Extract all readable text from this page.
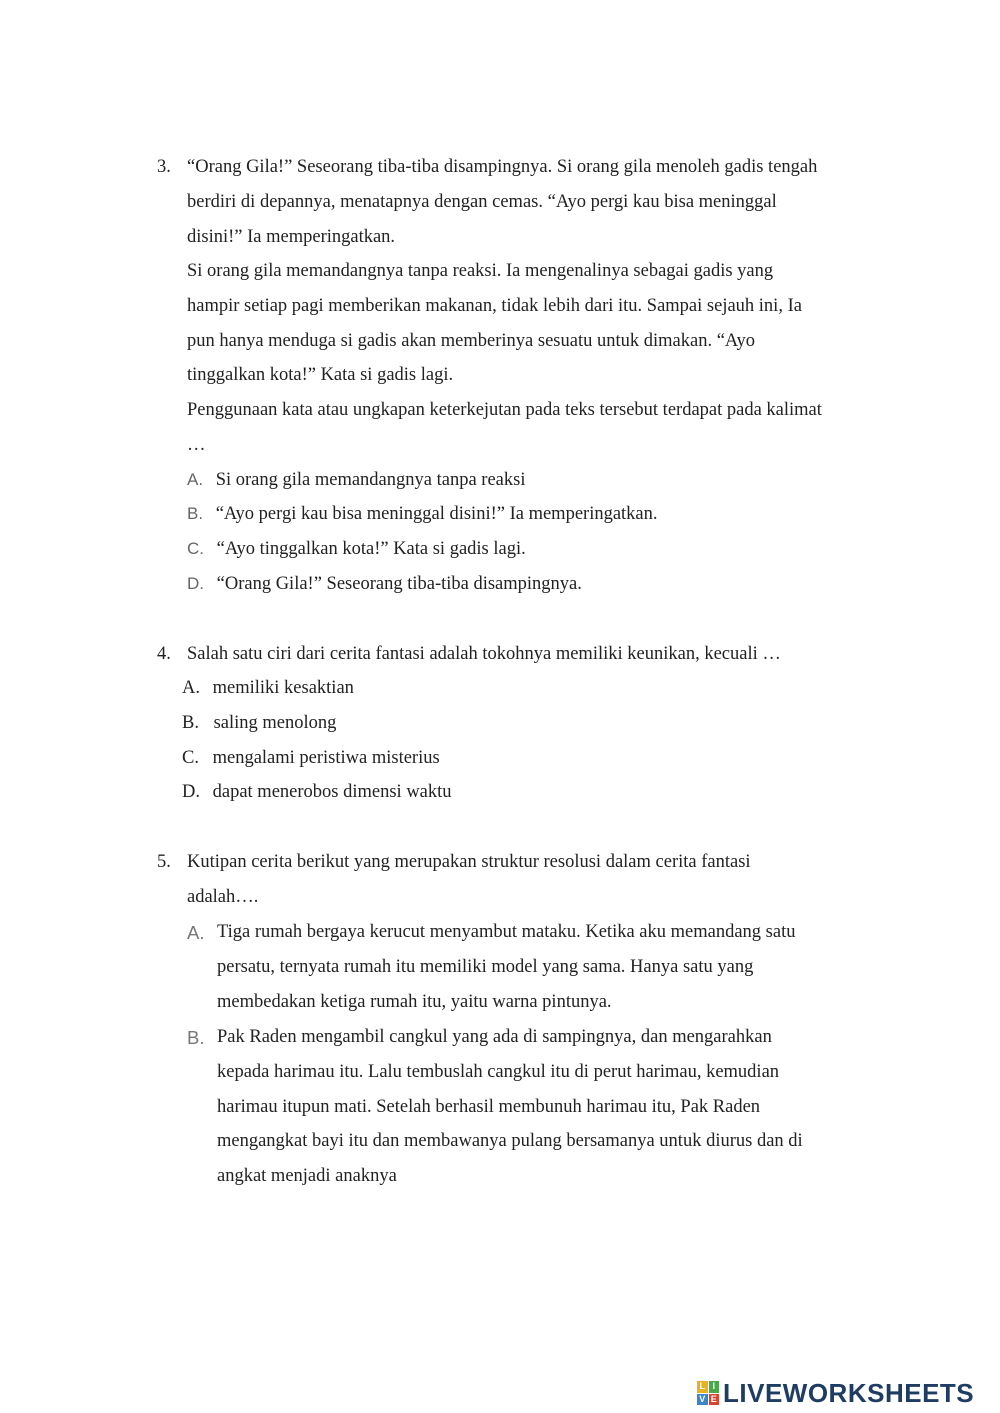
3. “Orang Gila!” Seseorang tiba-tiba disampingnya. Si orang gila menoleh gadis tengah
berdiri di depannya, menatapnya dengan cemas. “Ayo pergi kau bisa meninggal
disini!” Ia memperingatkan.
Si orang gila memandangnya tanpa reaksi. Ia mengenalinya sebagai gadis yang
hampir setiap pagi memberikan makanan, tidak lebih dari itu. Sampai sejauh ini, Ia
pun hanya menduga si gadis akan memberinya sesuatu untuk dimakan. “Ayo
tinggalkan kota!” Kata si gadis lagi.
Penggunaan kata atau ungkapan keterkejutan pada teks tersebut terdapat pada kalimat
…
A. Si orang gila memandangnya tanpa reaksi
B. “Ayo pergi kau bisa meninggal disini!” Ia memperingatkan.
C. “Ayo tinggalkan kota!” Kata si gadis lagi.
D. “Orang Gila!” Seseorang tiba-tiba disampingnya.
4. Salah satu ciri dari cerita fantasi adalah tokohnya memiliki keunikan, kecuali …
A. memiliki kesaktian
B. saling menolong
C. mengalami peristiwa misterius
D. dapat menerobos dimensi waktu
5. Kutipan cerita berikut yang merupakan struktur resolusi dalam cerita fantasi
adalah….
A. Tiga rumah bergaya kerucut menyambut mataku. Ketika aku memandang satu
persatu, ternyata rumah itu memiliki model yang sama. Hanya satu yang
membedakan ketiga rumah itu, yaitu warna pintunya.
B. Pak Raden mengambil cangkul yang ada di sampingnya, dan mengarahkan
kepada harimau itu. Lalu tembuslah cangkul itu di perut harimau, kemudian
harimau itupun mati. Setelah berhasil membunuh harimau itu, Pak Raden
mengangkat bayi itu dan membawanya pulang bersamanya untuk diurus dan di
angkat menjadi anaknya
L I
V E LIVEWORKSHEETS
